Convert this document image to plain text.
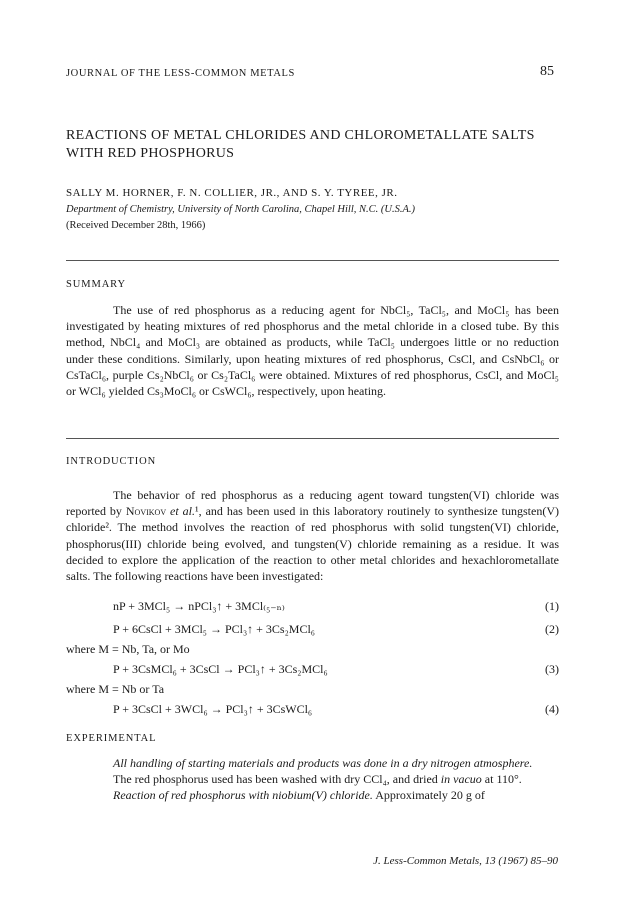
JOURNAL OF THE LESS-COMMON METALS	85
REACTIONS OF METAL CHLORIDES AND CHLOROMETALLATE SALTS
WITH RED PHOSPHORUS
SALLY M. HORNER, F. N. COLLIER, JR., AND S. Y. TYREE, JR.
Department of Chemistry, University of North Carolina, Chapel Hill, N.C. (U.S.A.)
(Received December 28th, 1966)
SUMMARY

The use of red phosphorus as a reducing agent for NbCl₅, TaCl₅, and MoCl₅ has been investigated by heating mixtures of red phosphorus and the metal chloride in a closed tube. By this method, NbCl₄ and MoCl₃ are obtained as products, while TaCl₅ undergoes little or no reduction under these conditions. Similarly, upon heating mixtures of red phosphorus, CsCl, and CsNbCl₆ or CsTaCl₆, purple Cs₂NbCl₆ or Cs₂TaCl₆ were obtained. Mixtures of red phosphorus, CsCl, and MoCl₅ or WCl₆ yielded Cs₃MoCl₆ or CsWCl₆, respectively, upon heating.

INTRODUCTION

The behavior of red phosphorus as a reducing agent toward tungsten(VI) chloride was reported by Novikov et al.¹, and has been used in this laboratory routinely to synthesize tungsten(V) chloride². The method involves the reaction of red phosphorus with solid tungsten(VI) chloride, phosphorus(III) chloride being evolved, and tungsten(V) chloride remaining as a residue. It was decided to explore the application of the reaction to other metal chlorides and hexachlorometallate salts. The following reactions have been investigated:

nP + 3MCl₅ → nPCl₃↑ + 3MCl₍₅₋ₙ₎	(1)
P + 6CsCl + 3MCl₅ → PCl₃↑ + 3Cs₂MCl₆	(2)
where M = Nb, Ta, or Mo
P + 3CsMCl₆ + 3CsCl → PCl₃↑ + 3Cs₂MCl₆	(3)
where M = Nb or Ta
P + 3CsCl + 3WCl₆ → PCl₃↑ + 3CsWCl₆	(4)
EXPERIMENTAL

All handling of starting materials and products was done in a dry nitrogen atmosphere.

The red phosphorus used has been washed with dry CCl₄, and dried in vacuo at 110°.

Reaction of red phosphorus with niobium(V) chloride. Approximately 20 g of

J. Less-Common Metals, 13 (1967) 85–90
